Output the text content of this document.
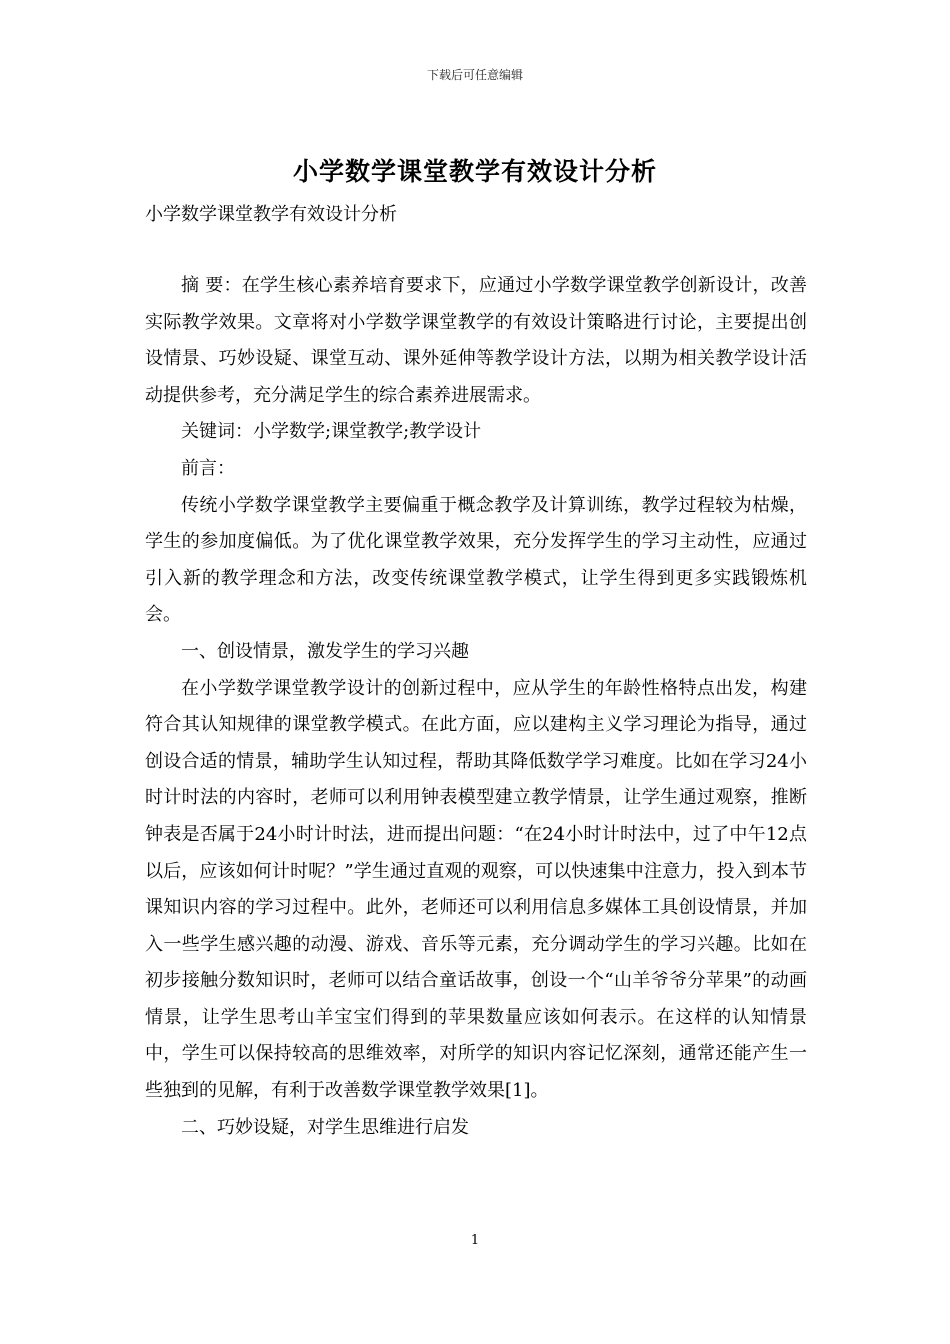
下载后可任意编辑
小学数学课堂教学有效设计分析
小学数学课堂教学有效设计分析

摘 要：在学生核心素养培育要求下，应通过小学数学课堂教学创新设计，改善实际教学效果。文章将对小学数学课堂教学的有效设计策略进行讨论，主要提出创设情景、巧妙设疑、课堂互动、课外延伸等教学设计方法，以期为相关教学设计活动提供参考，充分满足学生的综合素养进展需求。

关键词：小学数学;课堂教学;教学设计

前言：

传统小学数学课堂教学主要偏重于概念教学及计算训练，教学过程较为枯燥，学生的参加度偏低。为了优化课堂教学效果，充分发挥学生的学习主动性，应通过引入新的教学理念和方法，改变传统课堂教学模式，让学生得到更多实践锻炼机会。

一、创设情景，激发学生的学习兴趣

在小学数学课堂教学设计的创新过程中，应从学生的年龄性格特点出发，构建符合其认知规律的课堂教学模式。在此方面，应以建构主义学习理论为指导，通过创设合适的情景，辅助学生认知过程，帮助其降低数学学习难度。比如在学习24小时计时法的内容时，老师可以利用钟表模型建立教学情景，让学生通过观察，推断钟表是否属于24小时计时法，进而提出问题：“在24小时计时法中，过了中午12点以后，应该如何计时呢？”学生通过直观的观察，可以快速集中注意力，投入到本节课知识内容的学习过程中。此外，老师还可以利用信息多媒体工具创设情景，并加入一些学生感兴趣的动漫、游戏、音乐等元素，充分调动学生的学习兴趣。比如在初步接触分数知识时，老师可以结合童话故事，创设一个“山羊爷爷分苹果”的动画情景，让学生思考山羊宝宝们得到的苹果数量应该如何表示。在这样的认知情景中，学生可以保持较高的思维效率，对所学的知识内容记忆深刻，通常还能产生一些独到的见解，有利于改善数学课堂教学效果[1]。

二、巧妙设疑，对学生思维进行启发

1
